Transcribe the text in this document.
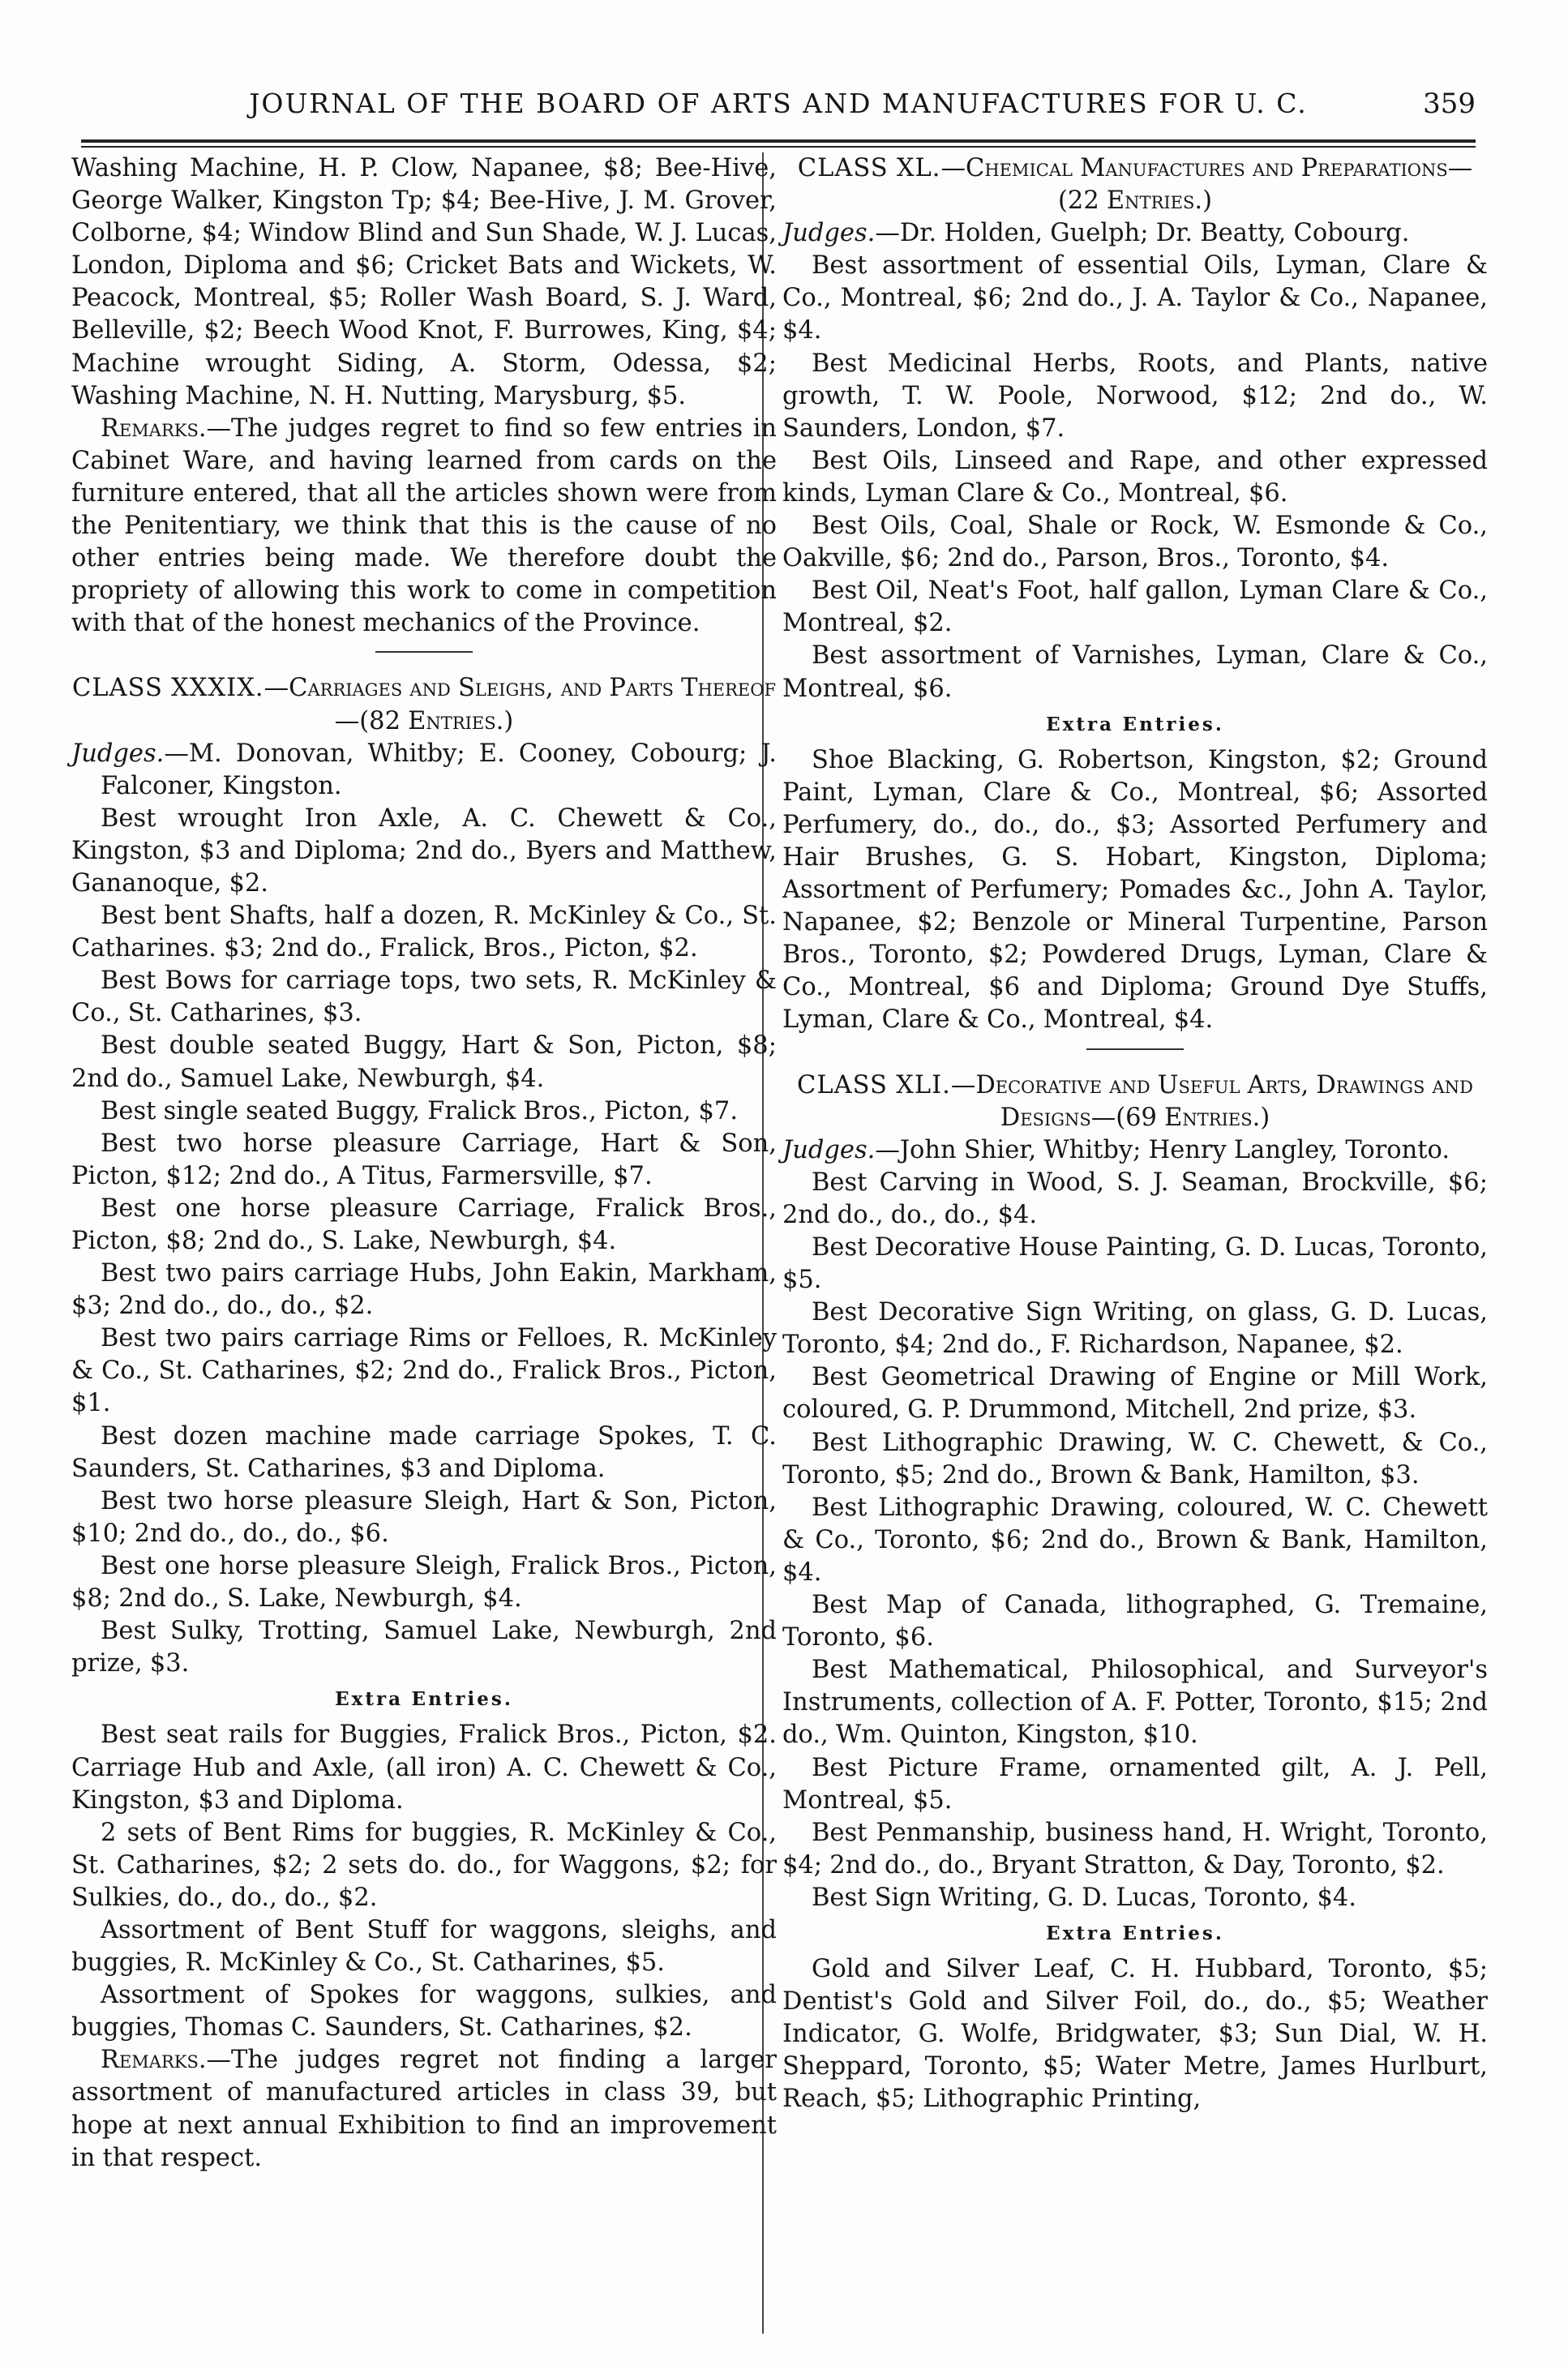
JOURNAL OF THE BOARD OF ARTS AND MANUFACTURES FOR U. C.	359

Washing Machine, H. P. Clow, Napanee, $8; Bee-Hive, George Walker, Kingston Tp; $4; Bee-Hive, J. M. Grover, Colborne, $4; Window Blind and Sun Shade, W. J. Lucas, London, Diploma and $6; Cricket Bats and Wickets, W. Peacock, Montreal, $5; Roller Wash Board, S. J. Ward, Belleville, $2; Beech Wood Knot, F. Burrowes, King, $4; Machine wrought Siding, A. Storm, Odessa, $2; Washing Machine, N. H. Nutting, Marysburg, $5.

Remarks.—The judges regret to find so few entries in Cabinet Ware, and having learned from cards on the furniture entered, that all the articles shown were from the Penitentiary, we think that this is the cause of no other entries being made. We therefore doubt the propriety of allowing this work to come in competition with that of the honest mechanics of the Province.

CLASS XXXIX.—Carriages and Sleighs, and Parts Thereof—(82 Entries.)

Judges.—M. Donovan, Whitby; E. Cooney, Cobourg; J. Falconer, Kingston.

Best wrought Iron Axle, A. C. Chewett & Co., Kingston, $3 and Diploma; 2nd do., Byers and Matthew, Gananoque, $2.

Best bent Shafts, half a dozen, R. McKinley & Co., St. Catharines. $3; 2nd do., Fralick, Bros., Picton, $2.

Best Bows for carriage tops, two sets, R. McKinley & Co., St. Catharines, $3.

Best double seated Buggy, Hart & Son, Picton, $8; 2nd do., Samuel Lake, Newburgh, $4.

Best single seated Buggy, Fralick Bros., Picton, $7.

Best two horse pleasure Carriage, Hart & Son, Picton, $12; 2nd do., A Titus, Farmersville, $7.

Best one horse pleasure Carriage, Fralick Bros., Picton, $8; 2nd do., S. Lake, Newburgh, $4.

Best two pairs carriage Hubs, John Eakin, Markham, $3; 2nd do., do., do., $2.

Best two pairs carriage Rims or Felloes, R. McKinley & Co., St. Catharines, $2; 2nd do., Fralick Bros., Picton, $1.

Best dozen machine made carriage Spokes, T. C. Saunders, St. Catharines, $3 and Diploma.

Best two horse pleasure Sleigh, Hart & Son, Picton, $10; 2nd do., do., do., $6.

Best one horse pleasure Sleigh, Fralick Bros., Picton, $8; 2nd do., S. Lake, Newburgh, $4.

Best Sulky, Trotting, Samuel Lake, Newburgh, 2nd prize, $3.

Extra Entries.

Best seat rails for Buggies, Fralick Bros., Picton, $2. Carriage Hub and Axle, (all iron) A. C. Chewett & Co., Kingston, $3 and Diploma.

2 sets of Bent Rims for buggies, R. McKinley & Co., St. Catharines, $2; 2 sets do. do., for Waggons, $2; for Sulkies, do., do., do., $2.

Assortment of Bent Stuff for waggons, sleighs, and buggies, R. McKinley & Co., St. Catharines, $5.

Assortment of Spokes for waggons, sulkies, and buggies, Thomas C. Saunders, St. Catharines, $2.

Remarks.—The judges regret not finding a larger assortment of manufactured articles in class 39, but hope at next annual Exhibition to find an improvement in that respect.

CLASS XL.—Chemical Manufactures and Preparations—(22 Entries.)

Judges.—Dr. Holden, Guelph; Dr. Beatty, Cobourg.

Best assortment of essential Oils, Lyman, Clare & Co., Montreal, $6; 2nd do., J. A. Taylor & Co., Napanee, $4.

Best Medicinal Herbs, Roots, and Plants, native growth, T. W. Poole, Norwood, $12; 2nd do., W. Saunders, London, $7.

Best Oils, Linseed and Rape, and other expressed kinds, Lyman Clare & Co., Montreal, $6.

Best Oils, Coal, Shale or Rock, W. Esmonde & Co., Oakville, $6; 2nd do., Parson, Bros., Toronto, $4.

Best Oil, Neat's Foot, half gallon, Lyman Clare & Co., Montreal, $2.

Best assortment of Varnishes, Lyman, Clare & Co., Montreal, $6.

Extra Entries.

Shoe Blacking, G. Robertson, Kingston, $2; Ground Paint, Lyman, Clare & Co., Montreal, $6; Assorted Perfumery, do., do., do., $3; Assorted Perfumery and Hair Brushes, G. S. Hobart, Kingston, Diploma; Assortment of Perfumery; Pomades &c., John A. Taylor, Napanee, $2; Benzole or Mineral Turpentine, Parson Bros., Toronto, $2; Powdered Drugs, Lyman, Clare & Co., Montreal, $6 and Diploma; Ground Dye Stuffs, Lyman, Clare & Co., Montreal, $4.

CLASS XLI.—Decorative and Useful Arts, Drawings and Designs—(69 Entries.)

Judges.—John Shier, Whitby; Henry Langley, Toronto.

Best Carving in Wood, S. J. Seaman, Brockville, $6; 2nd do., do., do., $4.

Best Decorative House Painting, G. D. Lucas, Toronto, $5.

Best Decorative Sign Writing, on glass, G. D. Lucas, Toronto, $4; 2nd do., F. Richardson, Napanee, $2.

Best Geometrical Drawing of Engine or Mill Work, coloured, G. P. Drummond, Mitchell, 2nd prize, $3.

Best Lithographic Drawing, W. C. Chewett, & Co., Toronto, $5; 2nd do., Brown & Bank, Hamilton, $3.

Best Lithographic Drawing, coloured, W. C. Chewett & Co., Toronto, $6; 2nd do., Brown & Bank, Hamilton, $4.

Best Map of Canada, lithographed, G. Tremaine, Toronto, $6.

Best Mathematical, Philosophical, and Surveyor's Instruments, collection of A. F. Potter, Toronto, $15; 2nd do., Wm. Quinton, Kingston, $10.

Best Picture Frame, ornamented gilt, A. J. Pell, Montreal, $5.

Best Penmanship, business hand, H. Wright, Toronto, $4; 2nd do., do., Bryant Stratton, & Day, Toronto, $2.

Best Sign Writing, G. D. Lucas, Toronto, $4.

Extra Entries.

Gold and Silver Leaf, C. H. Hubbard, Toronto, $5; Dentist's Gold and Silver Foil, do., do., $5; Weather Indicator, G. Wolfe, Bridgwater, $3; Sun Dial, W. H. Sheppard, Toronto, $5; Water Metre, James Hurlburt, Reach, $5; Lithographic Printing,
